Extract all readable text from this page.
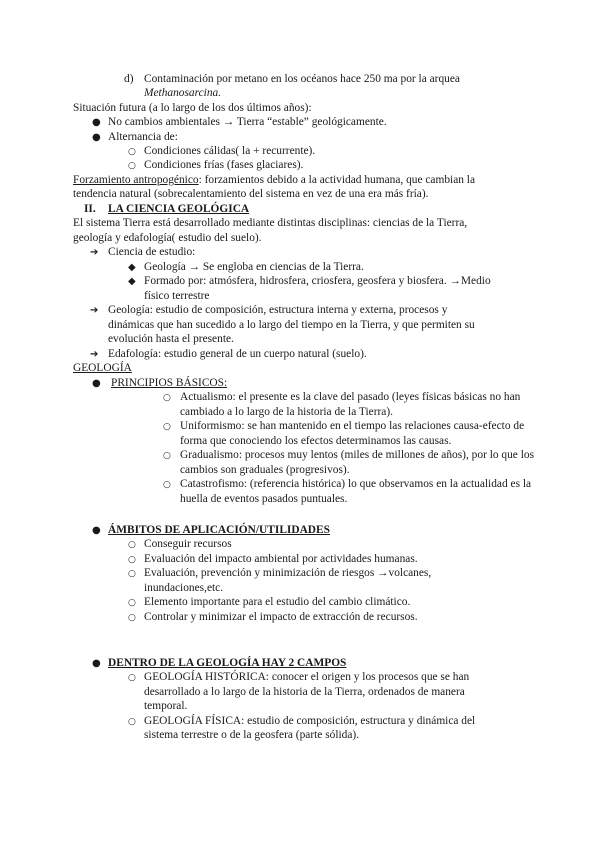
d) Contaminación por metano en los océanos hace 250 ma por la arquea
Methanosarcina.
Situación futura (a lo largo de los dos últimos años):
● No cambios ambientales → Tierra “estable” geológicamente.
● Alternancia de:
○ Condiciones cálidas( la + recurrente).
○ Condiciones frías (fases glaciares).
Forzamiento antropogénico: forzamientos debido a la actividad humana, que cambian la
tendencia natural (sobrecalentamiento del sistema en vez de una era más fría).
II. LA CIENCIA GEOLÓGICA
El sistema Tierra está desarrollado mediante distintas disciplinas: ciencias de la Tierra,
geología y edafología( estudio del suelo).
➔ Ciencia de estudio:
◆ Geología → Se engloba en ciencias de la Tierra.
◆ Formado por: atmósfera, hidrosfera, criosfera, geosfera y biosfera. →Medio
físico terrestre
➔ Geología: estudio de composición, estructura interna y externa, procesos y
dinámicas que han sucedido a lo largo del tiempo en la Tierra, y que permiten su
evolución hasta el presente.
➔ Edafología: estudio general de un cuerpo natural (suelo).
GEOLOGÍA
● PRINCIPIOS BÁSICOS:
○ Actualismo: el presente es la clave del pasado (leyes físicas básicas no han
cambiado a lo largo de la historia de la Tierra).
○ Uniformismo: se han mantenido en el tiempo las relaciones causa-efecto de
forma que conociendo los efectos determinamos las causas.
○ Gradualismo: procesos muy lentos (miles de millones de años), por lo que los
cambios son graduales (progresivos).
○ Catastrofismo: (referencia histórica) lo que observamos en la actualidad es la
huella de eventos pasados puntuales.
● ÁMBITOS DE APLICACIÓN/UTILIDADES
○ Conseguir recursos
○ Evaluación del impacto ambiental por actividades humanas.
○ Evaluación, prevención y minimización de riesgos →volcanes,
inundaciones,etc.
○ Elemento importante para el estudio del cambio climático.
○ Controlar y minimizar el impacto de extracción de recursos.
● DENTRO DE LA GEOLOGÍA HAY 2 CAMPOS
○ GEOLOGÍA HISTÓRICA: conocer el origen y los procesos que se han
desarrollado a lo largo de la historia de la Tierra, ordenados de manera
temporal.
○ GEOLOGÍA FÍSICA: estudio de composición, estructura y dinámica del
sistema terrestre o de la geosfera (parte sólida).
